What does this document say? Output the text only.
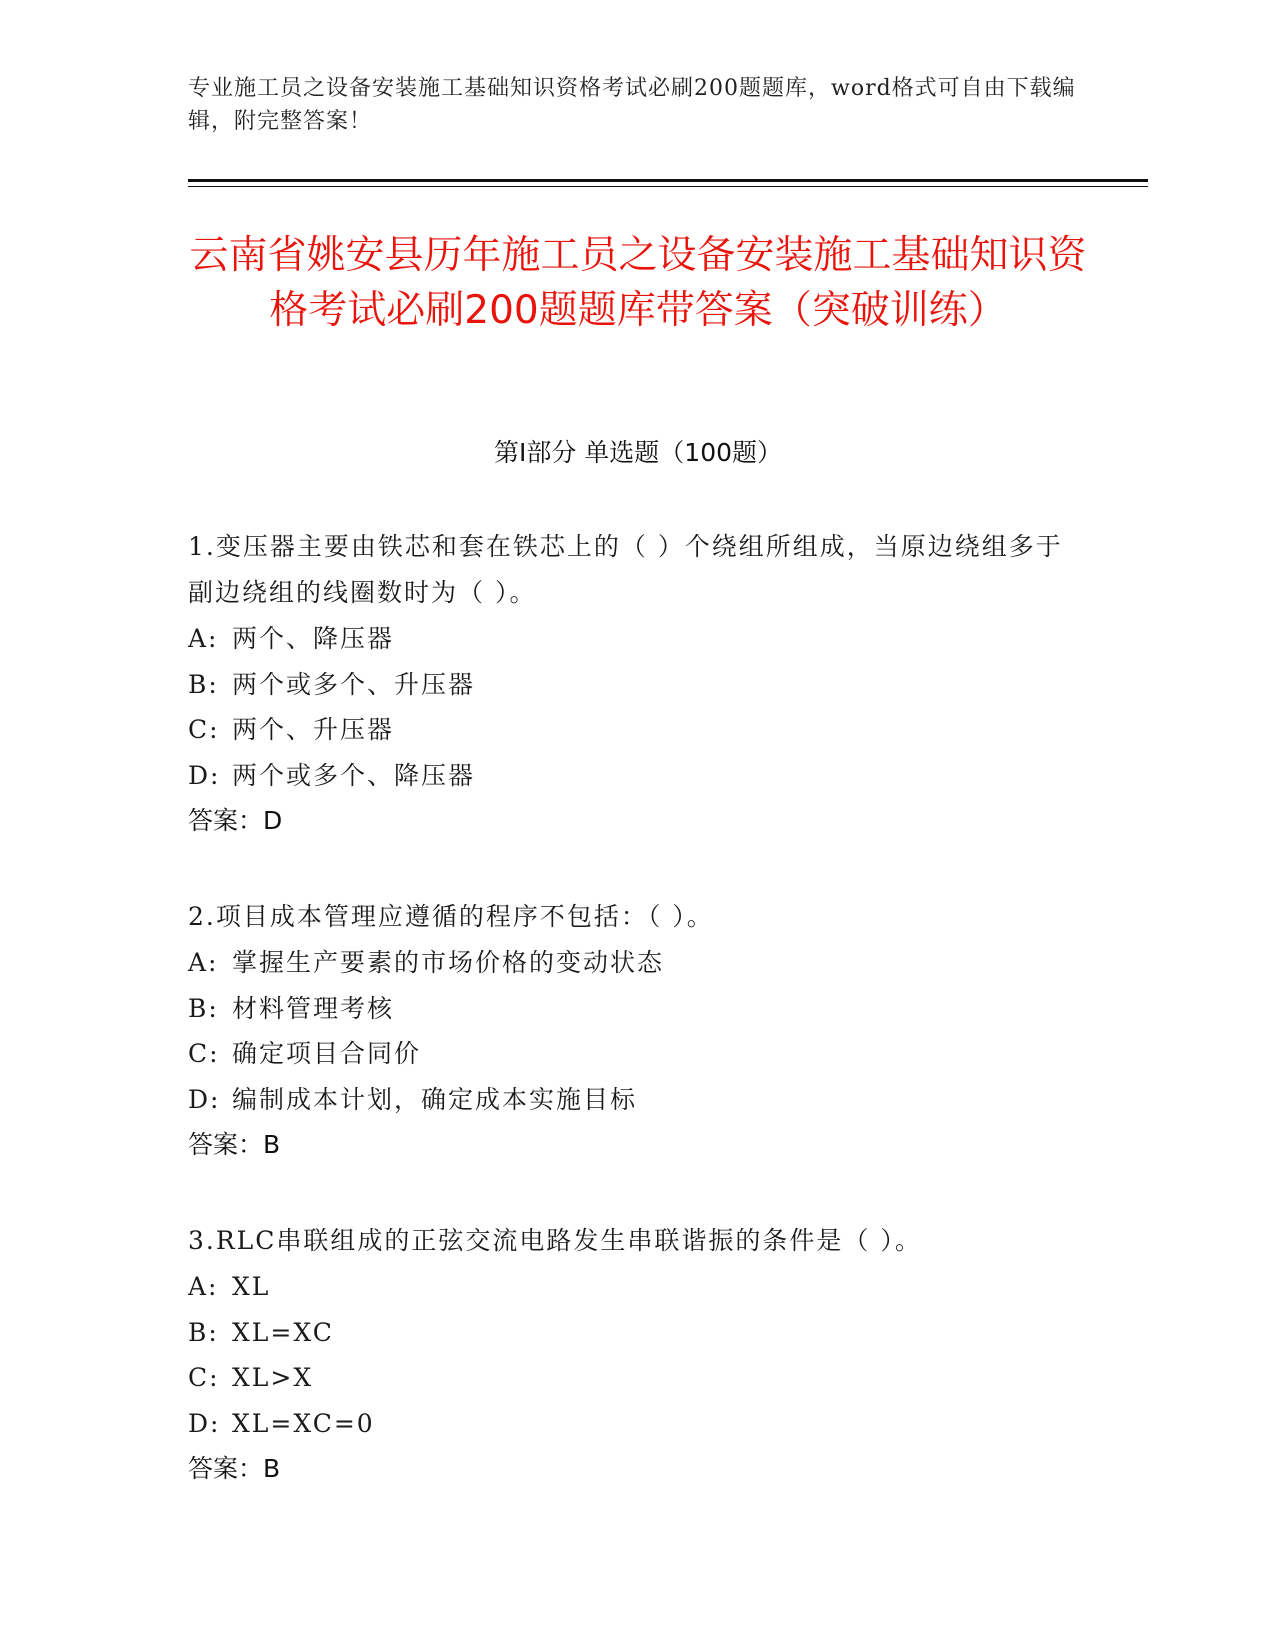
专业施工员之设备安装施工基础知识资格考试必刷200题题库，word格式可自由下载编辑，附完整答案！
云南省姚安县历年施工员之设备安装施工基础知识资格考试必刷200题题库带答案（突破训练）
第I部分 单选题（100题）
1.变压器主要由铁芯和套在铁芯上的（ ）个绕组所组成，当原边绕组多于副边绕组的线圈数时为（ ）。
A: 两个、降压器
B: 两个或多个、升压器
C: 两个、升压器
D: 两个或多个、降压器
答案：D
2.项目成本管理应遵循的程序不包括：（ ）。
A: 掌握生产要素的市场价格的变动状态
B: 材料管理考核
C: 确定项目合同价
D: 编制成本计划，确定成本实施目标
答案：B
3.RLC串联组成的正弦交流电路发生串联谐振的条件是（ ）。
A: XL
B: XL=XC
C: XL>X
D: XL=XC=0
答案：B
